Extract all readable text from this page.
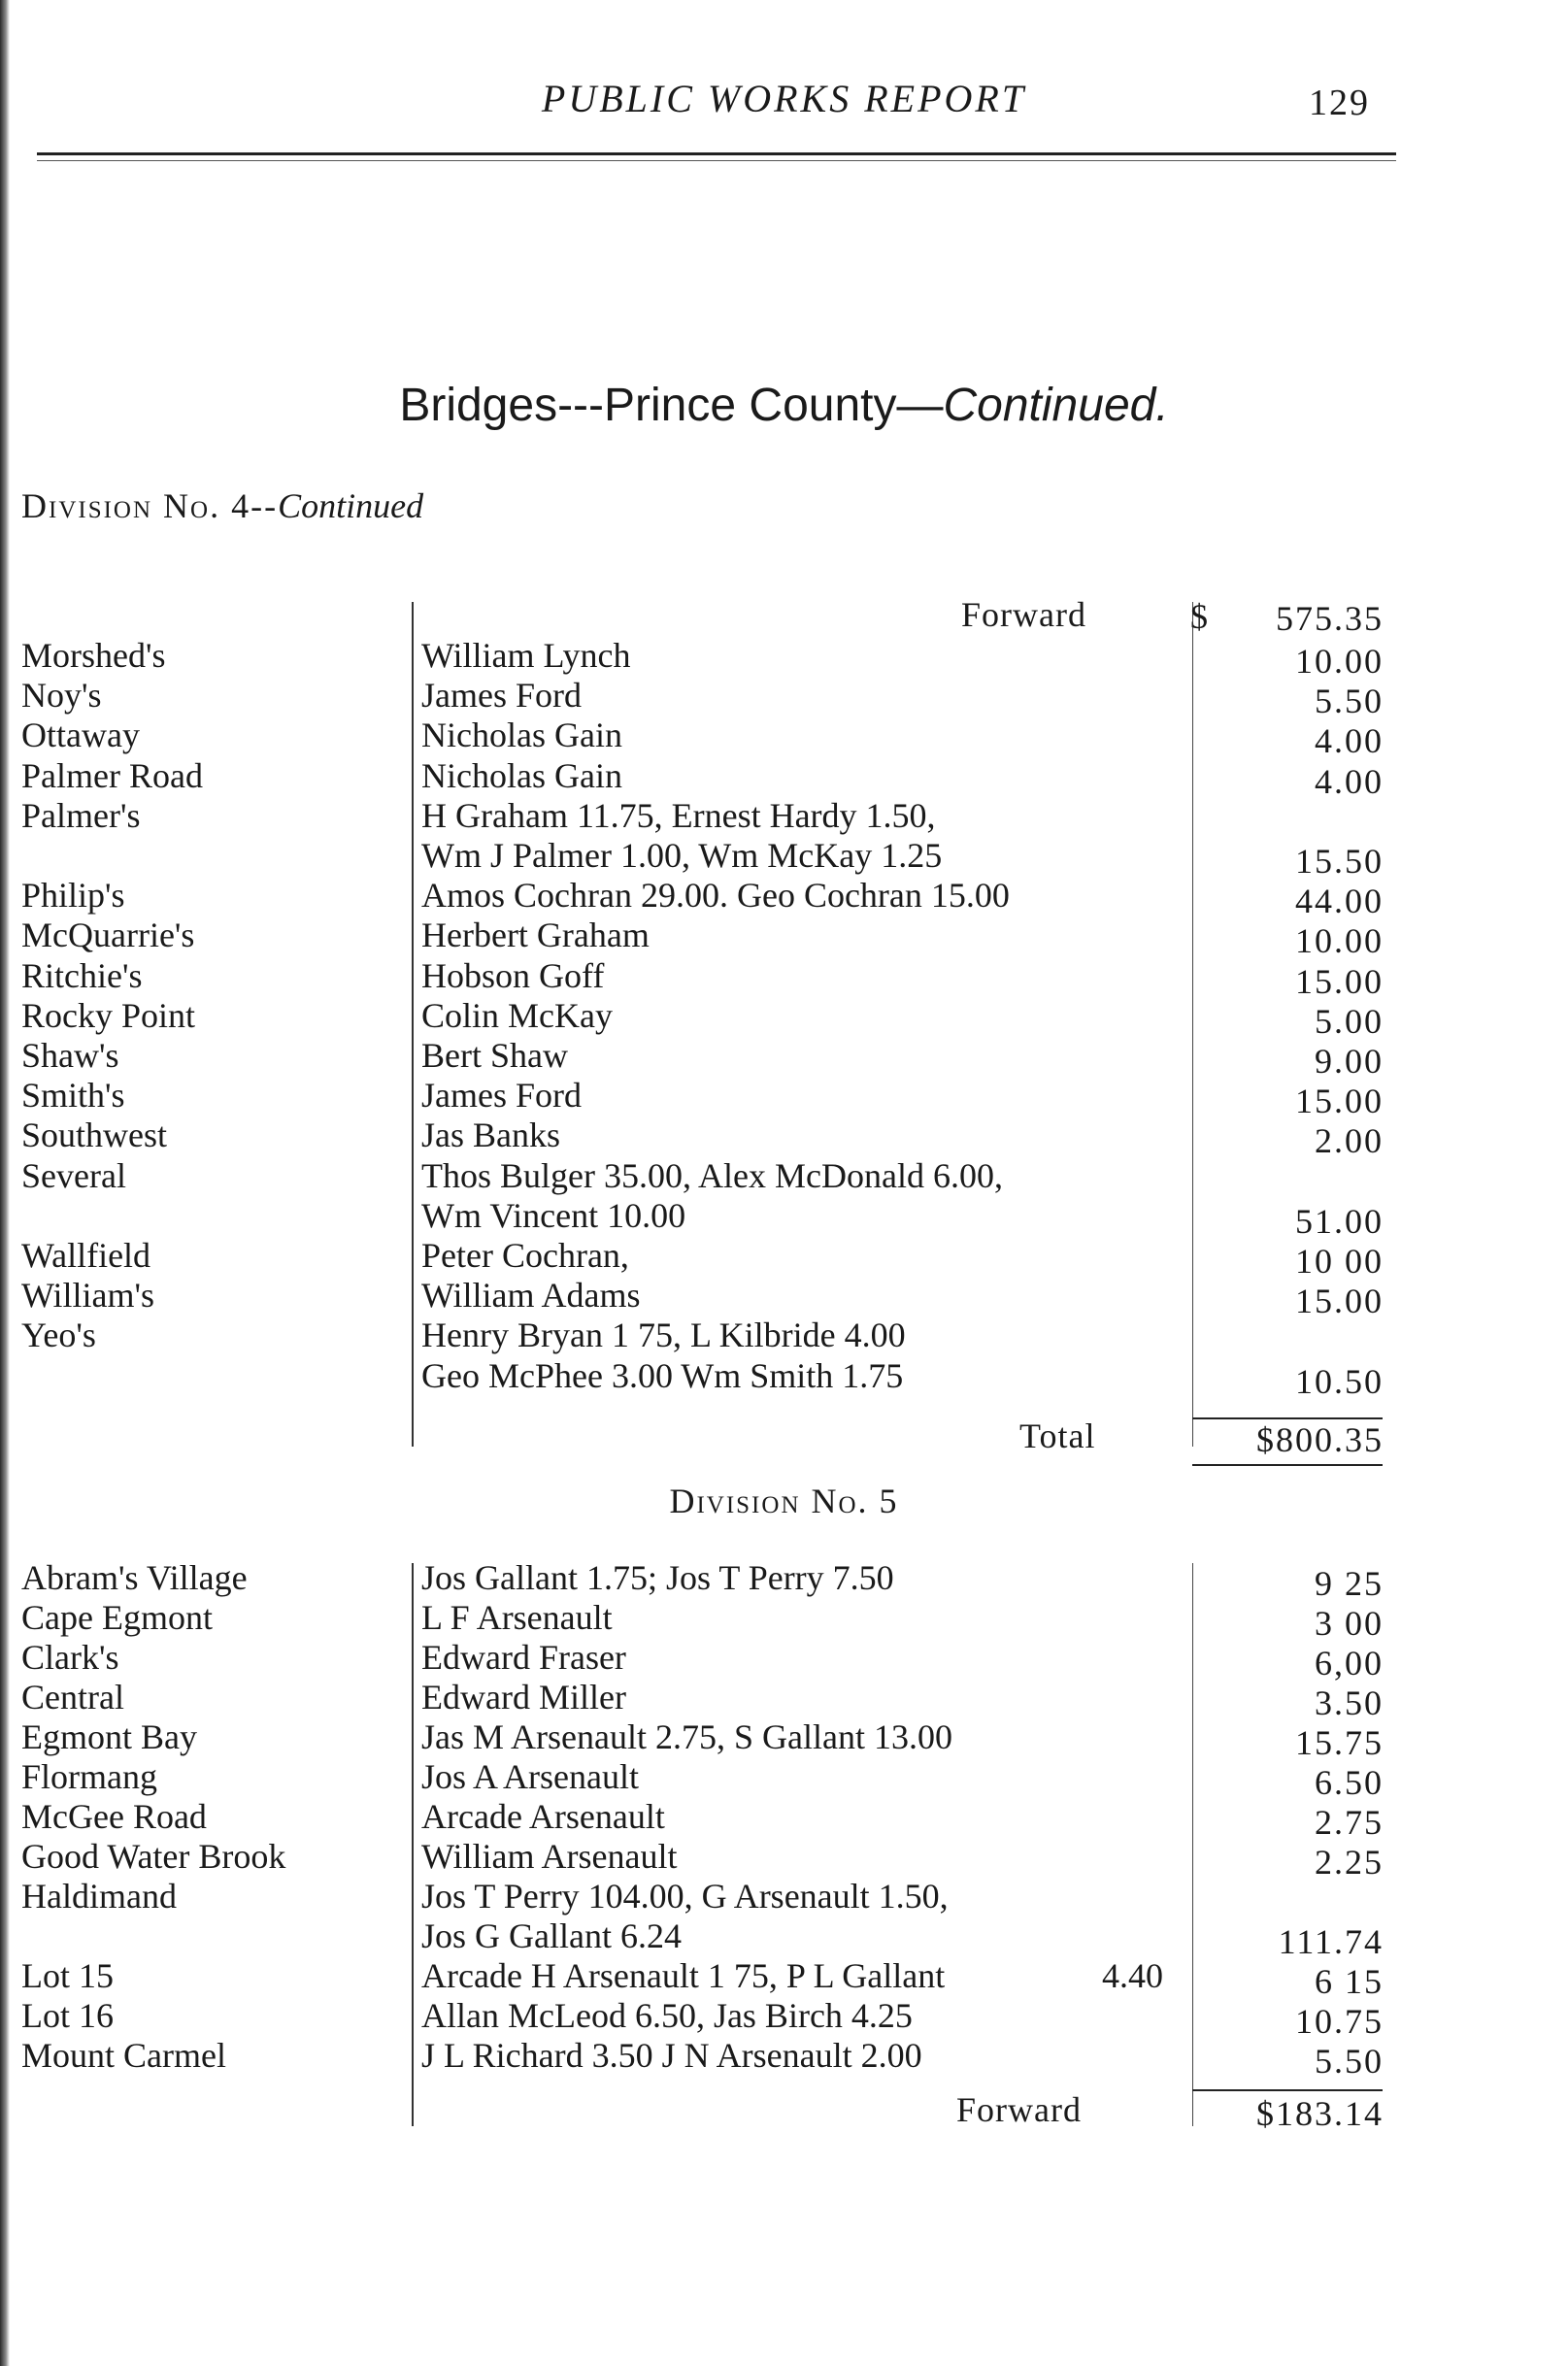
PUBLIC WORKS REPORT	129
Bridges---Prince County—Continued.
Division No. 4--Continued
Forward	$ 575.35
Morshed's	William Lynch	10.00
Noy's	James Ford	5.50
Ottaway	Nicholas Gain	4.00
Palmer Road	Nicholas Gain	4.00
Palmer's	H Graham 11.75, Ernest Hardy 1.50,
Wm J Palmer 1.00, Wm McKay 1.25	15.50
Philip's	Amos Cochran 29.00. Geo Cochran 15.00	44.00
McQuarrie's	Herbert Graham	10.00
Ritchie's	Hobson Goff	15.00
Rocky Point	Colin McKay	5.00
Shaw's	Bert Shaw	9.00
Smith's	James Ford	15.00
Southwest	Jas Banks	2.00
Several	Thos Bulger 35.00, Alex McDonald 6.00,
Wm Vincent 10.00	51.00
Wallfield	Peter Cochran,	10 00
William's	William Adams	15.00
Yeo's	Henry Bryan 1 75, L Kilbride 4.00
Geo McPhee 3.00 Wm Smith 1.75	10.50
Total	$800.35
Division No. 5
Abram's Village	Jos Gallant 1.75; Jos T Perry 7.50	9 25
Cape Egmont	L F Arsenault	3 00
Clark's	Edward Fraser	6,00
Central	Edward Miller	3.50
Egmont Bay	Jas M Arsenault 2.75, S Gallant 13.00	15.75
Flormang	Jos A Arsenault	6.50
McGee Road	Arcade Arsenault	2.75
Good Water Brook	William Arsenault	2.25
Haldimand	Jos T Perry 104.00, G Arsenault 1.50,
Jos G Gallant 6.24	111.74
Lot 15	Arcade H Arsenault 1 75, P L Gallant	4.40	6 15
Lot 16	Allan McLeod 6.50, Jas Birch 4.25	10.75
Mount Carmel	J L Richard 3.50 J N Arsenault 2.00	5.50
Forward	$183.14
